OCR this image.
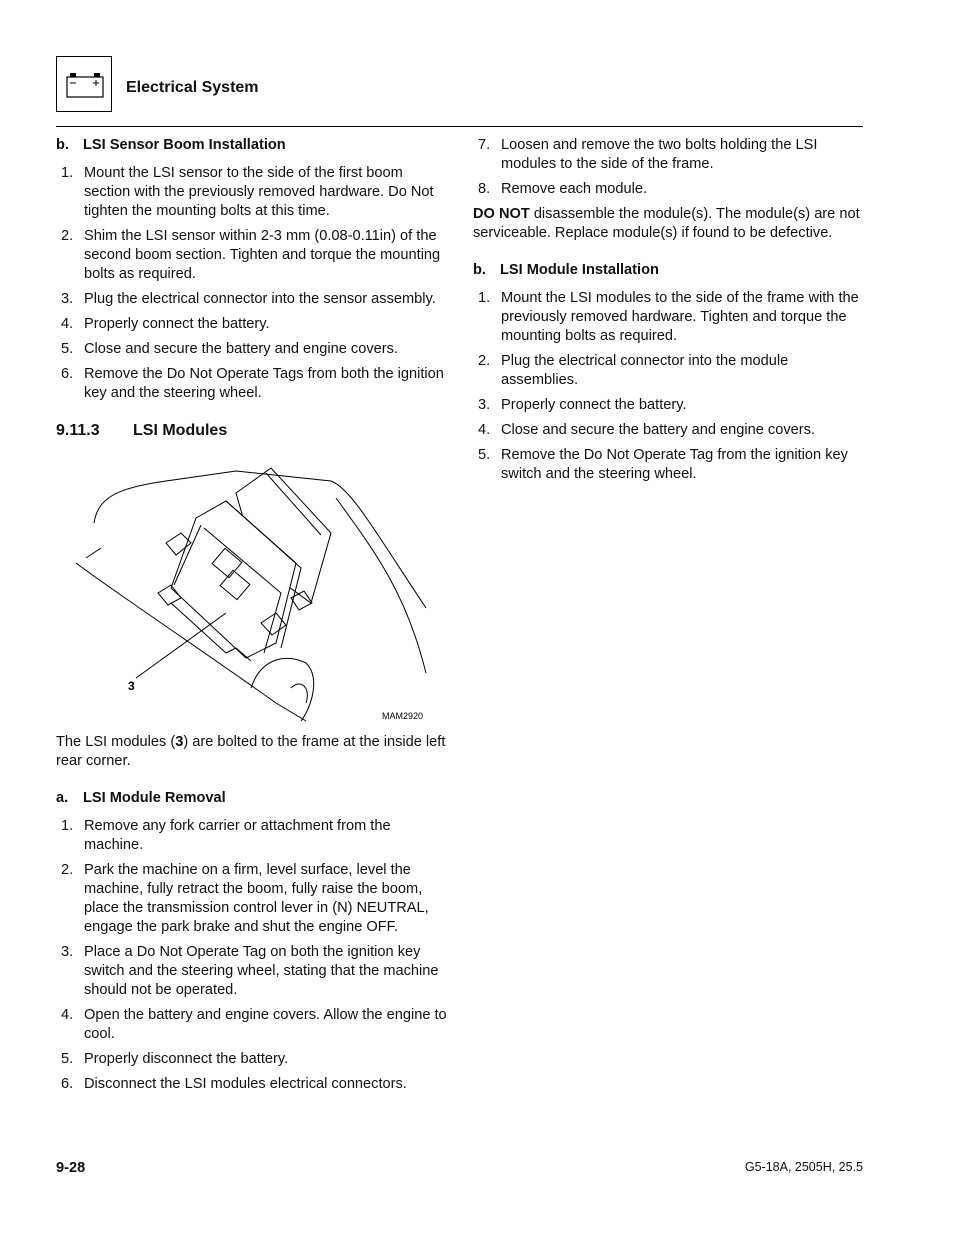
Electrical System

b. LSI Sensor Boom Installation

1. Mount the LSI sensor to the side of the first boom section with the previously removed hardware. Do Not tighten the mounting bolts at this time.
2. Shim the LSI sensor within 2-3 mm (0.08-0.11in) of the second boom section. Tighten and torque the mounting bolts as required.
3. Plug the electrical connector into the sensor assembly.
4. Properly connect the battery.
5. Close and secure the battery and engine covers.
6. Remove the Do Not Operate Tags from both the ignition key and the steering wheel.
9.11.3 LSI Modules
3
MAM2920

The LSI modules (3) are bolted to the frame at the inside left rear corner.

a. LSI Module Removal

1. Remove any fork carrier or attachment from the machine.
2. Park the machine on a firm, level surface, level the machine, fully retract the boom, fully raise the boom, place the transmission control lever in (N) NEUTRAL, engage the park brake and shut the engine OFF.
3. Place a Do Not Operate Tag on both the ignition key switch and the steering wheel, stating that the machine should not be operated.
4. Open the battery and engine covers. Allow the engine to cool.
5. Properly disconnect the battery.
6. Disconnect the LSI modules electrical connectors.
7. Loosen and remove the two bolts holding the LSI modules to the side of the frame.
8. Remove each module.

DO NOT disassemble the module(s). The module(s) are not serviceable. Replace module(s) if found to be defective.

b. LSI Module Installation

1. Mount the LSI modules to the side of the frame with the previously removed hardware. Tighten and torque the mounting bolts as required.
2. Plug the electrical connector into the module assemblies.
3. Properly connect the battery.
4. Close and secure the battery and engine covers.
5. Remove the Do Not Operate Tag from the ignition key switch and the steering wheel.
9-28	G5-18A, 2505H, 25.5
